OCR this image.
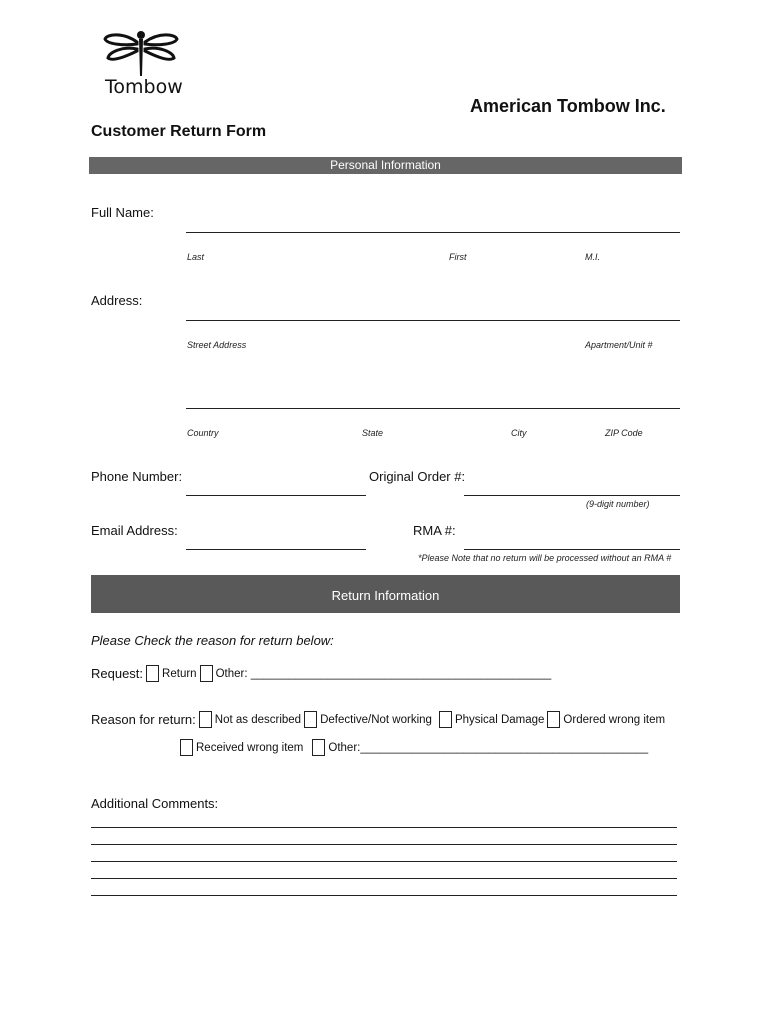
Tombow
American Tombow Inc.
Customer Return Form
Personal Information
Full Name:
Last	First	M.I.
Address:
Street Address	Apartment/Unit #
Country	State	City	ZIP Code
Phone Number:	Original Order #:
(9-digit number)
Email Address:	RMA #:
*Please Note that no return will be processed without an RMA #
Return Information
Please Check the reason for return below:
Request: Return Other: _______________________________________________
Reason for return: Not as described Defective/Not working Physical Damage Ordered wrong item
Received wrong item Other:_____________________________________________
Additional Comments:
